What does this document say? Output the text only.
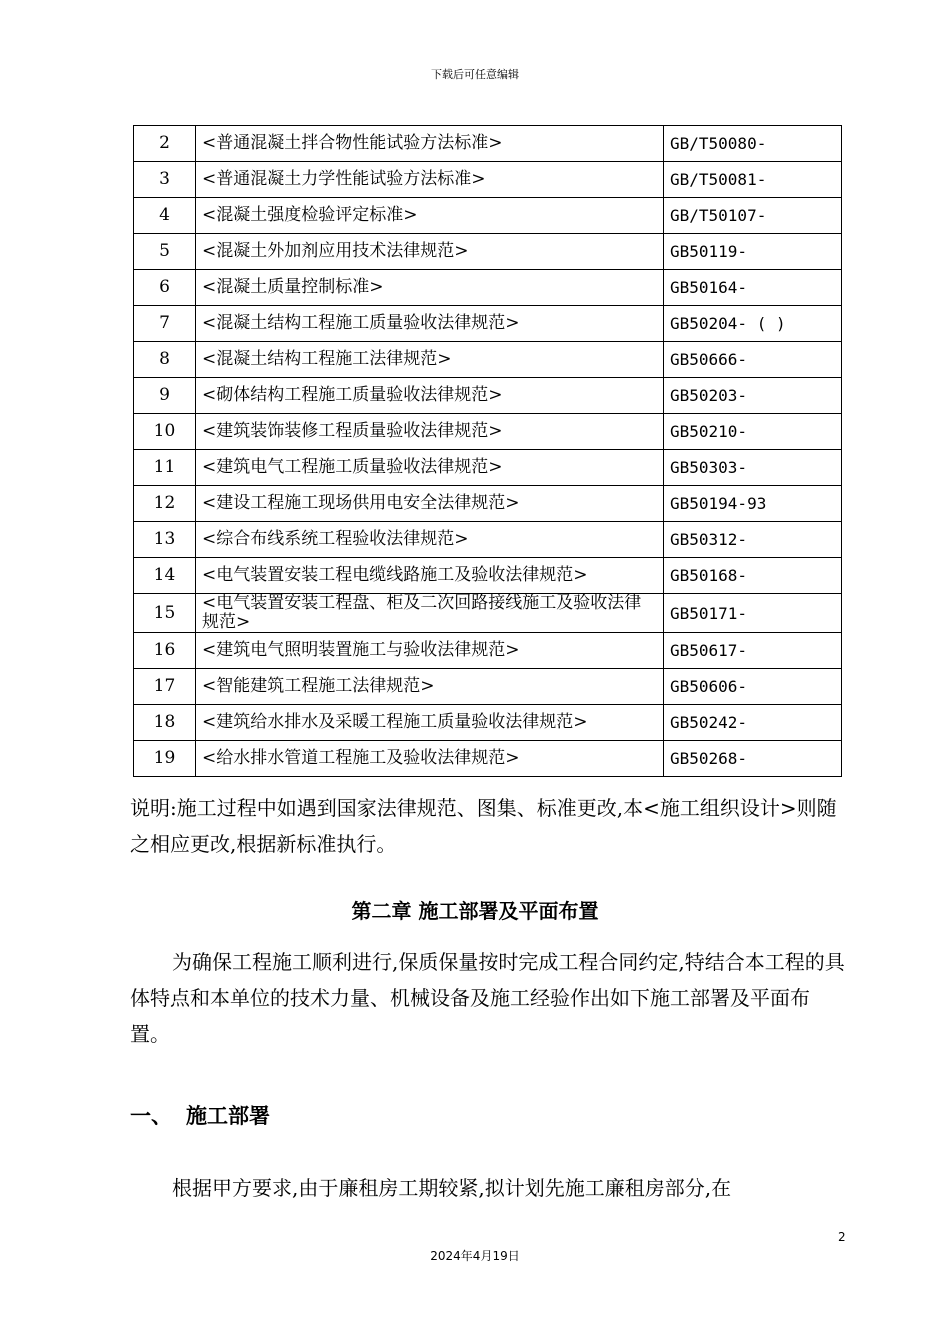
下载后可任意编辑
2	<普通混凝土拌合物性能试验方法标准>	GB/T50080-
3	<普通混凝土力学性能试验方法标准>	GB/T50081-
4	<混凝土强度检验评定标准>	GB/T50107-
5	<混凝土外加剂应用技术法律规范>	GB50119-
6	<混凝土质量控制标准>	GB50164-
7	<混凝土结构工程施工质量验收法律规范>	GB50204- ( )
8	<混凝土结构工程施工法律规范>	GB50666-
9	<砌体结构工程施工质量验收法律规范>	GB50203-
10	<建筑装饰装修工程质量验收法律规范>	GB50210-
11	<建筑电气工程施工质量验收法律规范>	GB50303-
12	<建设工程施工现场供用电安全法律规范>	GB50194-93
13	<综合布线系统工程验收法律规范>	GB50312-
14	<电气装置安装工程电缆线路施工及验收法律规范>	GB50168-
15	<电气装置安装工程盘、柜及二次回路接线施工及验收法律规范>	GB50171-
16	<建筑电气照明装置施工与验收法律规范>	GB50617-
17	<智能建筑工程施工法律规范>	GB50606-
18	<建筑给水排水及采暖工程施工质量验收法律规范>	GB50242-
19	<给水排水管道工程施工及验收法律规范>	GB50268-
说明:施工过程中如遇到国家法律规范、图集、标准更改,本<施工组织设计>则随之相应更改,根据新标准执行。
第二章 施工部署及平面布置
为确保工程施工顺利进行,保质保量按时完成工程合同约定,特结合本工程的具体特点和本单位的技术力量、机械设备及施工经验作出如下施工部署及平面布置。
一、 施工部署
根据甲方要求,由于廉租房工期较紧,拟计划先施工廉租房部分,在
2
2024年4月19日
